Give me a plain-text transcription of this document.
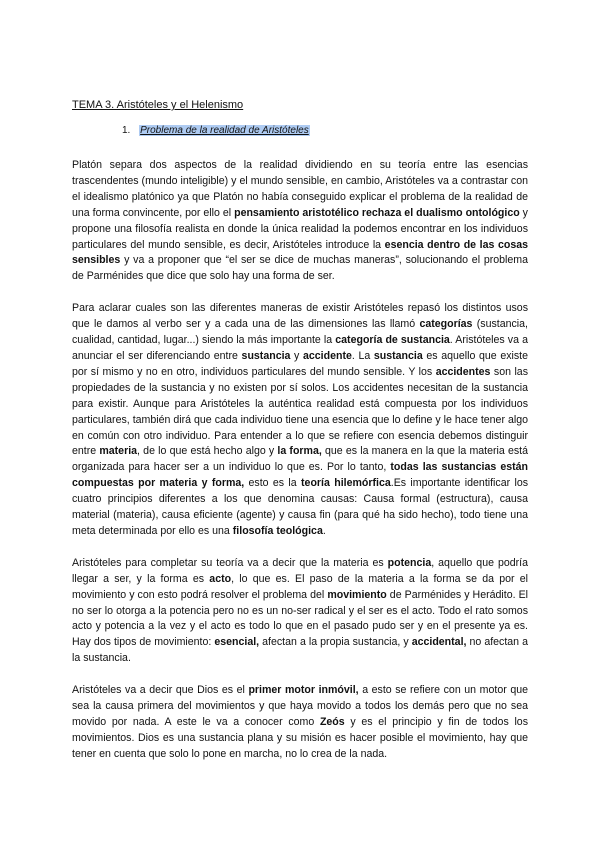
TEMA 3. Aristóteles y el Helenismo
1. Problema de la realidad de Aristóteles

Platón separa dos aspectos de la realidad dividiendo en su teoría entre las esencias trascendentes (mundo inteligible) y el mundo sensible, en cambio, Aristóteles va a contrastar con el idealismo platónico ya que Platón no había conseguido explicar el problema de la realidad de una forma convincente, por ello el pensamiento aristotélico rechaza el dualismo ontológico y propone una filosofía realista en donde la única realidad la podemos encontrar en los individuos particulares del mundo sensible, es decir, Aristóteles introduce la esencia dentro de las cosas sensibles y va a proponer que “el ser se dice de muchas maneras”, solucionando el problema de Parménides que dice que solo hay una forma de ser.

Para aclarar cuales son las diferentes maneras de existir Aristóteles repasó los distintos usos que le damos al verbo ser y a cada una de las dimensiones las llamó categorías (sustancia, cualidad, cantidad, lugar...) siendo la más importante la categoría de sustancia. Aristóteles va a anunciar el ser diferenciando entre sustancia y accidente. La sustancia es aquello que existe por sí mismo y no en otro, individuos particulares del mundo sensible. Y los accidentes son las propiedades de la sustancia y no existen por sí solos. Los accidentes necesitan de la sustancia para existir. Aunque para Aristóteles la auténtica realidad está compuesta por los individuos particulares, también dirá que cada individuo tiene una esencia que lo define y le hace tener algo en común con otro individuo. Para entender a lo que se refiere con esencia debemos distinguir entre materia, de lo que está hecho algo y la forma, que es la manera en la que la materia está organizada para hacer ser a un individuo lo que es. Por lo tanto, todas las sustancias están compuestas por materia y forma, esto es la teoría hilemórfica.Es importante identificar los cuatro principios diferentes a los que denomina causas: Causa formal (estructura), causa material (materia), causa eficiente (agente) y causa fin (para qué ha sido hecho), todo tiene una meta determinada por ello es una filosofía teológica.

Aristóteles para completar su teoría va a decir que la materia es potencia, aquello que podría llegar a ser, y la forma es acto, lo que es. El paso de la materia a la forma se da por el movimiento y con esto podrá resolver el problema del movimiento de Parménides y Herádito. El no ser lo otorga a la potencia pero no es un no-ser radical y el ser es el acto. Todo el rato somos acto y potencia a la vez y el acto es todo lo que en el pasado pudo ser y en el presente ya es. Hay dos tipos de movimiento: esencial, afectan a la propia sustancia, y accidental, no afectan a la sustancia.

Aristóteles va a decir que Dios es el primer motor inmóvil, a esto se refiere con un motor que sea la causa primera del movimientos y que haya movido a todos los demás pero que no sea movido por nada. A este le va a conocer como Zeós y es el principio y fin de todos los movimientos. Dios es una sustancia plana y su misión es hacer posible el movimiento, hay que tener en cuenta que solo lo pone en marcha, no lo crea de la nada.
